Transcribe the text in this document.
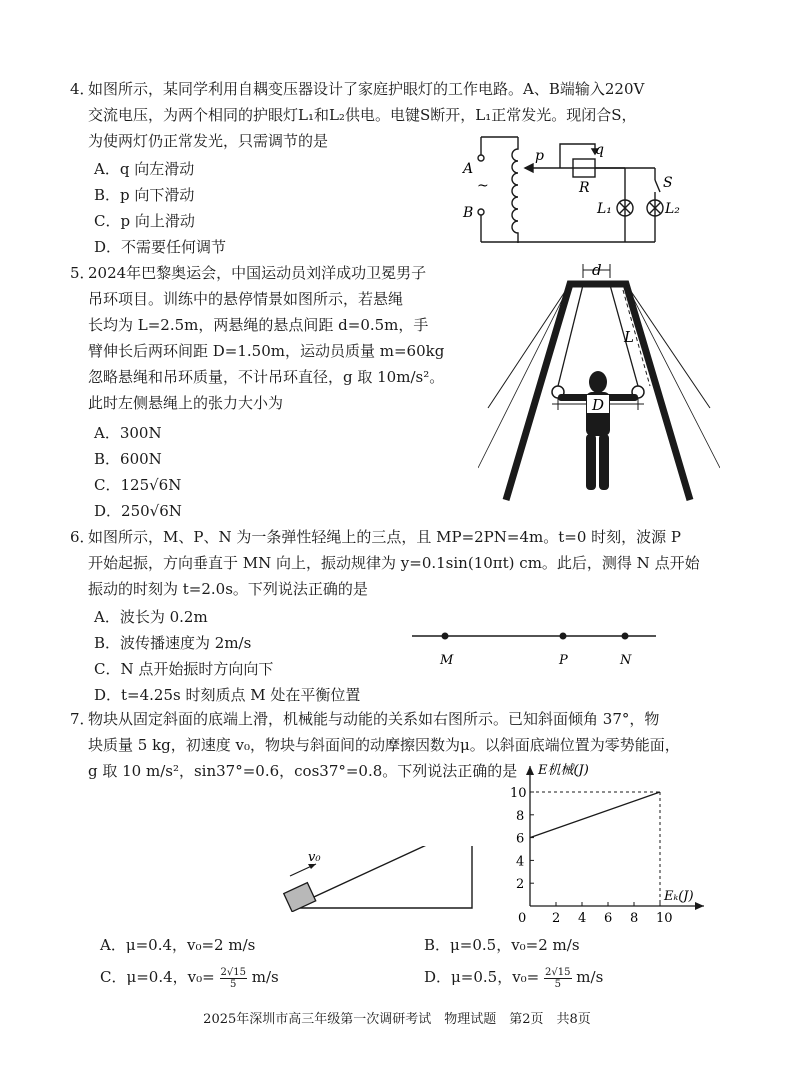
4．
如图所示，某同学利用自耦变压器设计了家庭护眼灯的工作电路。A、B端输入220V
交流电压，为两个相同的护眼灯L₁和L₂供电。电键S断开，L₁正常发光。现闭合S，
为使两灯仍正常发光，只需调节的是
A．q 向左滑动
B．p 向下滑动
C．p 向上滑动
D．不需要任何调节
A
B
~
p	q
R	S
L₁	L₂
5．
2024年巴黎奥运会，中国运动员刘洋成功卫冕男子
吊环项目。训练中的悬停情景如图所示，若悬绳
长均为 L=2.5m，两悬绳的悬点间距 d=0.5m，手
臂伸长后两环间距 D=1.50m，运动员质量 m=60kg
忽略悬绳和吊环质量，不计吊环直径，g 取 10m/s²。
此时左侧悬绳上的张力大小为
A．300N
B．600N
C．125√6N
D．250√6N
D
d
L
6．
如图所示，M、P、N 为一条弹性轻绳上的三点，且 MP=2PN=4m。t=0 时刻，波源 P
开始起振，方向垂直于 MN 向上，振动规律为 y=0.1sin(10πt) cm。此后，测得 N 点开始
振动的时刻为 t=2.0s。下列说法正确的是
A．波长为 0.2m
B．波传播速度为 2m/s
C．N 点开始振时方向向下
D．t=4.25s 时刻质点 M 处在平衡位置
M	P	N
7．
物块从固定斜面的底端上滑，机械能与动能的关系如右图所示。已知斜面倾角 37°，物
块质量 5 kg，初速度 v₀，物块与斜面间的动摩擦因数为μ。以斜面底端位置为零势能面，
g 取 10 m/s²，sin37°=0.6，cos37°=0.8。下列说法正确的是
v₀
2 4 6 8 10
2
4
6
8
10
E机械(J)
Eₖ(J)
0
A．μ=0.4，v₀=2 m/s	B．μ=0.5，v₀=2 m/s
C．μ=0.4，$v_0= \frac{2√15}{5} m/s$	D．μ=0.5，$v_0= \frac{2√15}{5} m/s$
2025年深圳市高三年级第一次调研考试　物理试题　第2页　共8页
